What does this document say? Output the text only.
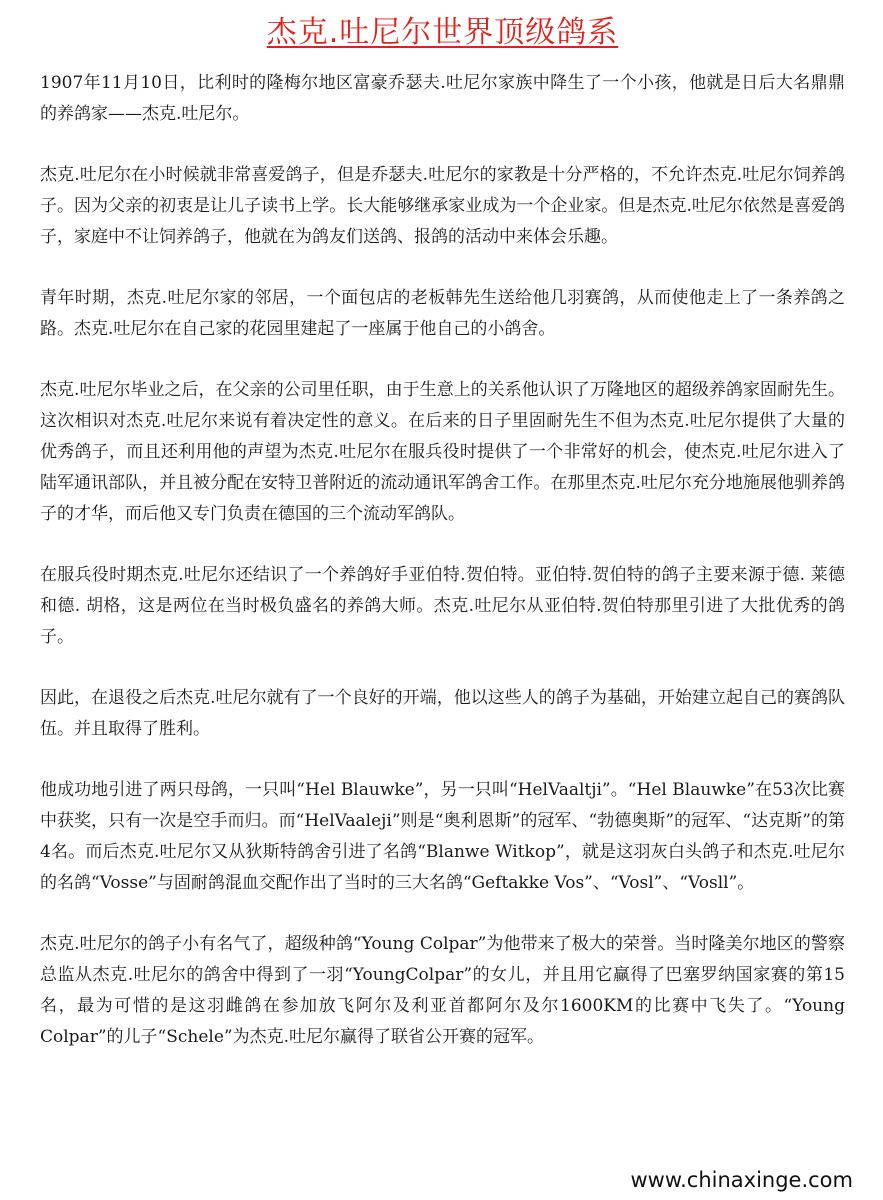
杰克.吐尼尔世界顶级鸽系

1907年11月10日，比利时的隆梅尔地区富豪乔瑟夫.吐尼尔家族中降生了一个小孩，他就是日后大名鼎鼎的养鸽家——杰克.吐尼尔。

杰克.吐尼尔在小时候就非常喜爱鸽子，但是乔瑟夫.吐尼尔的家教是十分严格的，不允许杰克.吐尼尔饲养鸽子。因为父亲的初衷是让儿子读书上学。长大能够继承家业成为一个企业家。但是杰克.吐尼尔依然是喜爱鸽子，家庭中不让饲养鸽子，他就在为鸽友们送鸽、报鸽的活动中来体会乐趣。

青年时期，杰克.吐尼尔家的邻居，一个面包店的老板韩先生送给他几羽赛鸽，从而使他走上了一条养鸽之路。杰克.吐尼尔在自己家的花园里建起了一座属于他自己的小鸽舍。

杰克.吐尼尔毕业之后，在父亲的公司里任职，由于生意上的关系他认识了万隆地区的超级养鸽家固耐先生。这次相识对杰克.吐尼尔来说有着决定性的意义。在后来的日子里固耐先生不但为杰克.吐尼尔提供了大量的优秀鸽子，而且还利用他的声望为杰克.吐尼尔在服兵役时提供了一个非常好的机会，使杰克.吐尼尔进入了陆军通讯部队，并且被分配在安特卫普附近的流动通讯军鸽舍工作。在那里杰克.吐尼尔充分地施展他驯养鸽子的才华，而后他又专门负责在德国的三个流动军鸽队。

在服兵役时期杰克.吐尼尔还结识了一个养鸽好手亚伯特.贺伯特。亚伯特.贺伯特的鸽子主要来源于德. 莱德和德. 胡格，这是两位在当时极负盛名的养鸽大师。杰克.吐尼尔从亚伯特.贺伯特那里引进了大批优秀的鸽子。

因此，在退役之后杰克.吐尼尔就有了一个良好的开端，他以这些人的鸽子为基础，开始建立起自己的赛鸽队伍。并且取得了胜利。

他成功地引进了两只母鸽，一只叫“Hel Blauwke”，另一只叫“HelVaaltji”。“Hel Blauwke”在53次比赛中获奖，只有一次是空手而归。而“HelVaaleji”则是“奥利恩斯”的冠军、“勃德奥斯”的冠军、“达克斯”的第4名。而后杰克.吐尼尔又从狄斯特鸽舍引进了名鸽“Blanwe Witkop”，就是这羽灰白头鸽子和杰克.吐尼尔的名鸽“Vosse”与固耐鸽混血交配作出了当时的三大名鸽“Geftakke Vos”、“Vosl”、“Vosll”。

杰克.吐尼尔的鸽子小有名气了，超级种鸽“Young Colpar”为他带来了极大的荣誉。当时隆美尔地区的警察总监从杰克.吐尼尔的鸽舍中得到了一羽“YoungColpar”的女儿，并且用它赢得了巴塞罗纳国家赛的第15名，最为可惜的是这羽雌鸽在参加放飞阿尔及利亚首都阿尔及尔1600KM的比赛中飞失了。“Young Colpar”的儿子“Schele”为杰克.吐尼尔赢得了联省公开赛的冠军。

www.chinaxinge.com
